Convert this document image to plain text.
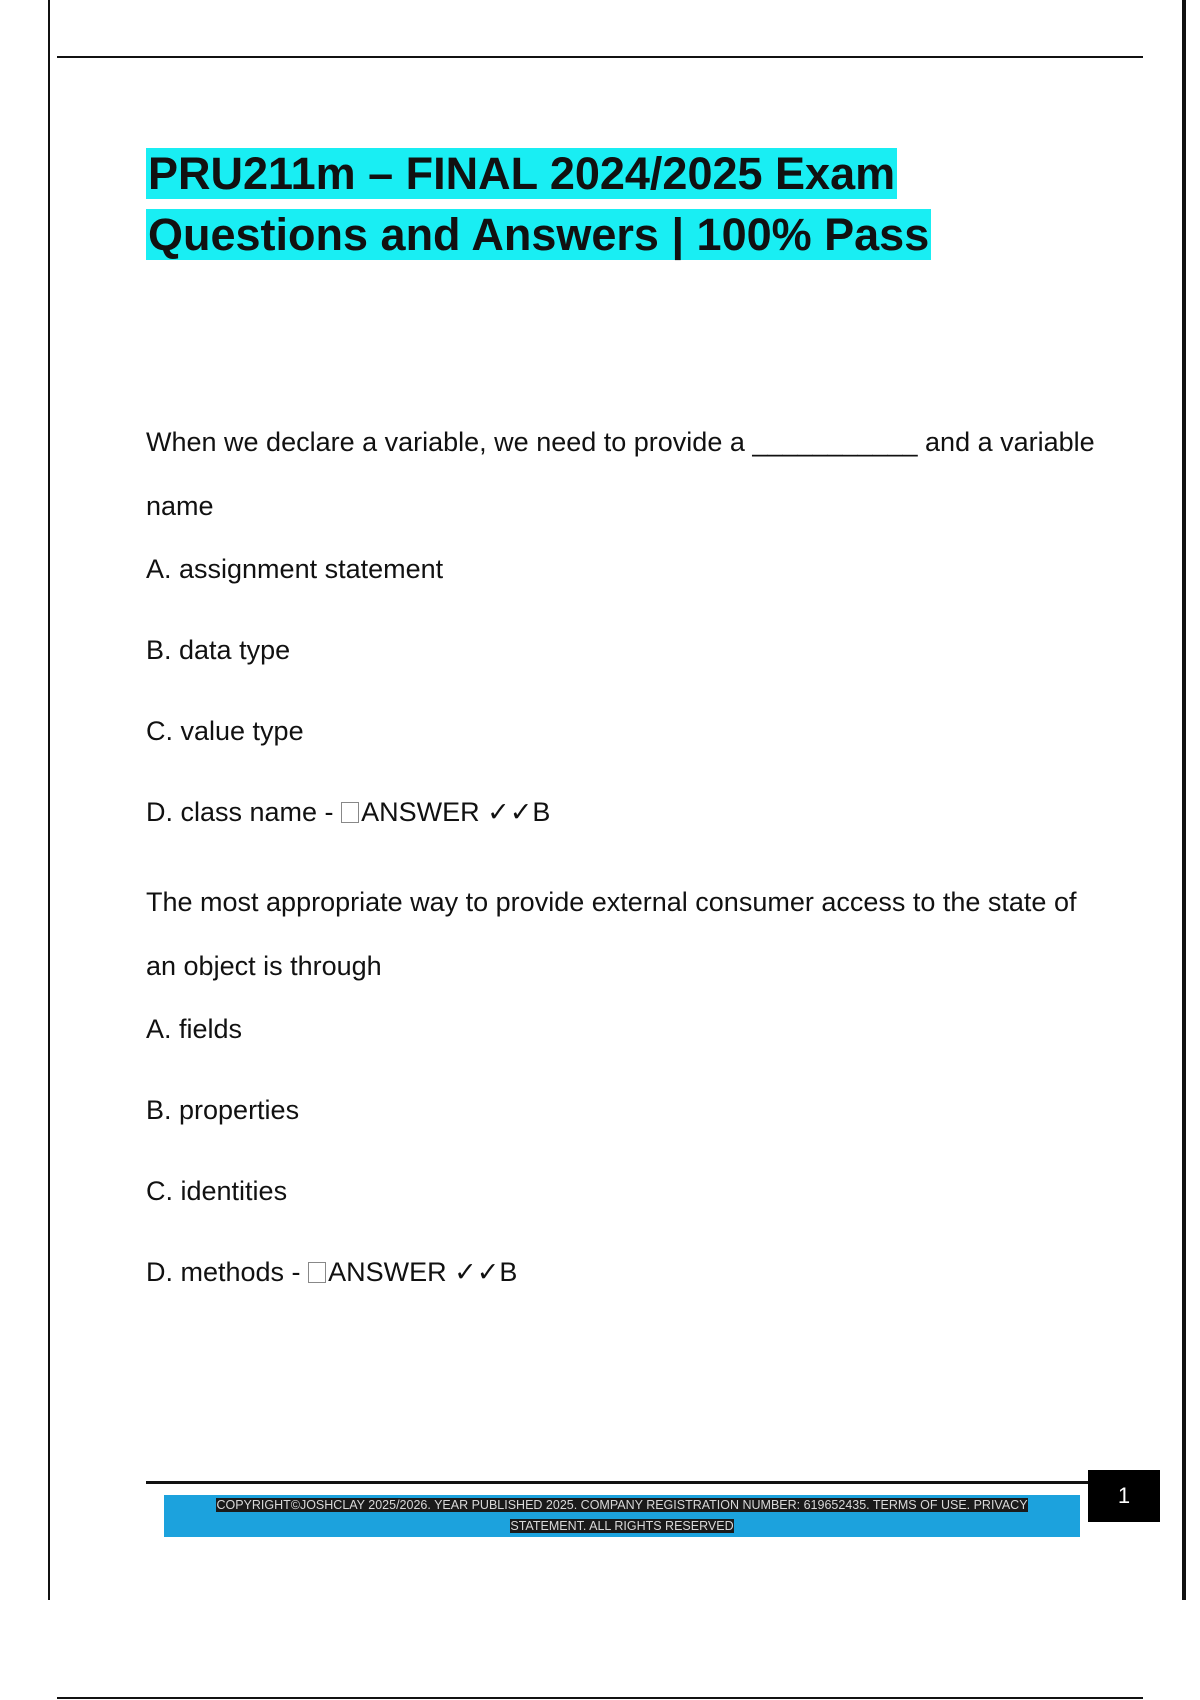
PRU211m – FINAL 2024/2025 Exam
Questions and Answers | 100% Pass

When we declare a variable, we need to provide a ___________ and a variable name

A. assignment statement

B. data type

C. value type

D. class name - ANSWER ✓✓B

The most appropriate way to provide external consumer access to the state of an object is through

A. fields

B. properties

C. identities

D. methods - ANSWER ✓✓B

1
COPYRIGHT©JOSHCLAY 2025/2026. YEAR PUBLISHED 2025. COMPANY REGISTRATION NUMBER: 619652435. TERMS OF USE. PRIVACY
STATEMENT. ALL RIGHTS RESERVED
